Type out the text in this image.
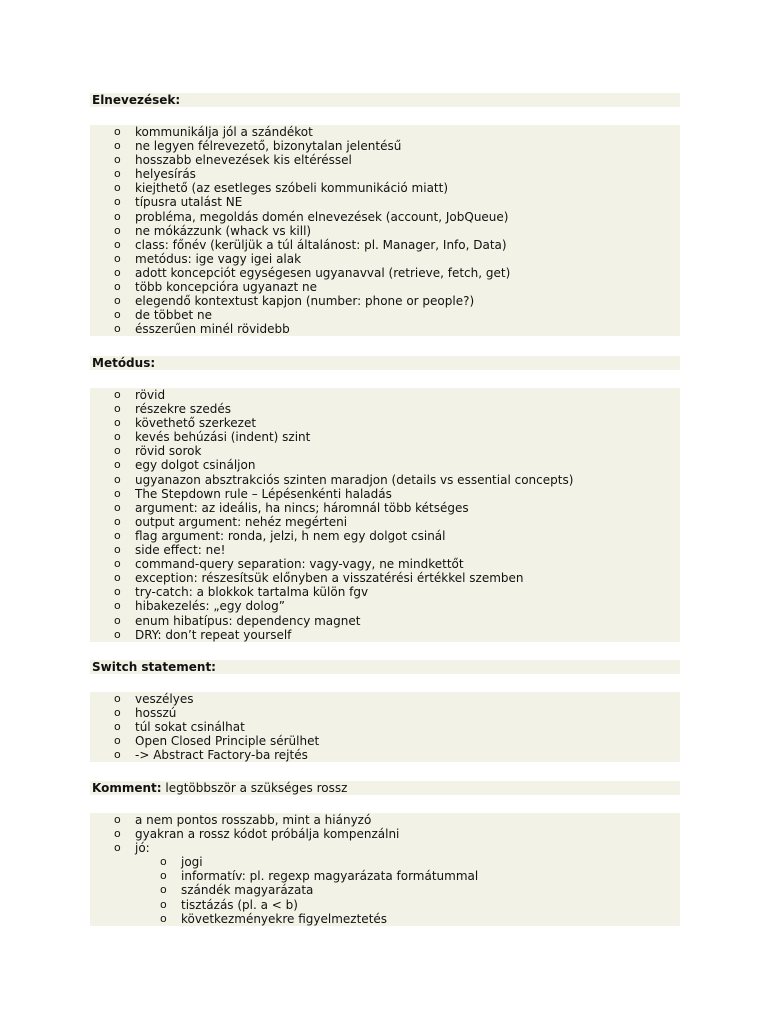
Elnevezések:
o kommunikálja jól a szándékot
o ne legyen félrevezető, bizonytalan jelentésű
o hosszabb elnevezések kis eltéréssel
o helyesírás
o kiejthető (az esetleges szóbeli kommunikáció miatt)
o típusra utalást NE
o probléma, megoldás domén elnevezések (account, JobQueue)
o ne mókázzunk (whack vs kill)
o class: főnév (kerüljük a túl általánost: pl. Manager, Info, Data)
o metódus: ige vagy igei alak
o adott koncepciót egységesen ugyanavval (retrieve, fetch, get)
o több koncepcióra ugyanazt ne
o elegendő kontextust kapjon (number: phone or people?)
o de többet ne
o ésszerűen minél rövidebb
Metódus:
o rövid
o részekre szedés
o követhető szerkezet
o kevés behúzási (indent) szint
o rövid sorok
o egy dolgot csináljon
o ugyanazon absztrakciós szinten maradjon (details vs essential concepts)
o The Stepdown rule – Lépésenkénti haladás
o argument: az ideális, ha nincs; háromnál több kétséges
o output argument: nehéz megérteni
o flag argument: ronda, jelzi, h nem egy dolgot csinál
o side effect: ne!
o command-query separation: vagy-vagy, ne mindkettőt
o exception: részesítsük előnyben a visszatérési értékkel szemben
o try-catch: a blokkok tartalma külön fgv
o hibakezelés: „egy dolog”
o enum hibatípus: dependency magnet
o DRY: don’t repeat yourself
Switch statement:
o veszélyes
o hosszú
o túl sokat csinálhat
o Open Closed Principle sérülhet
o -> Abstract Factory-ba rejtés
Komment: legtöbbször a szükséges rossz
o a nem pontos rosszabb, mint a hiányzó
o gyakran a rossz kódot próbálja kompenzálni
o jó:
o jogi
o informatív: pl. regexp magyarázata formátummal
o szándék magyarázata
o tisztázás (pl. a < b)
o következményekre figyelmeztetés
